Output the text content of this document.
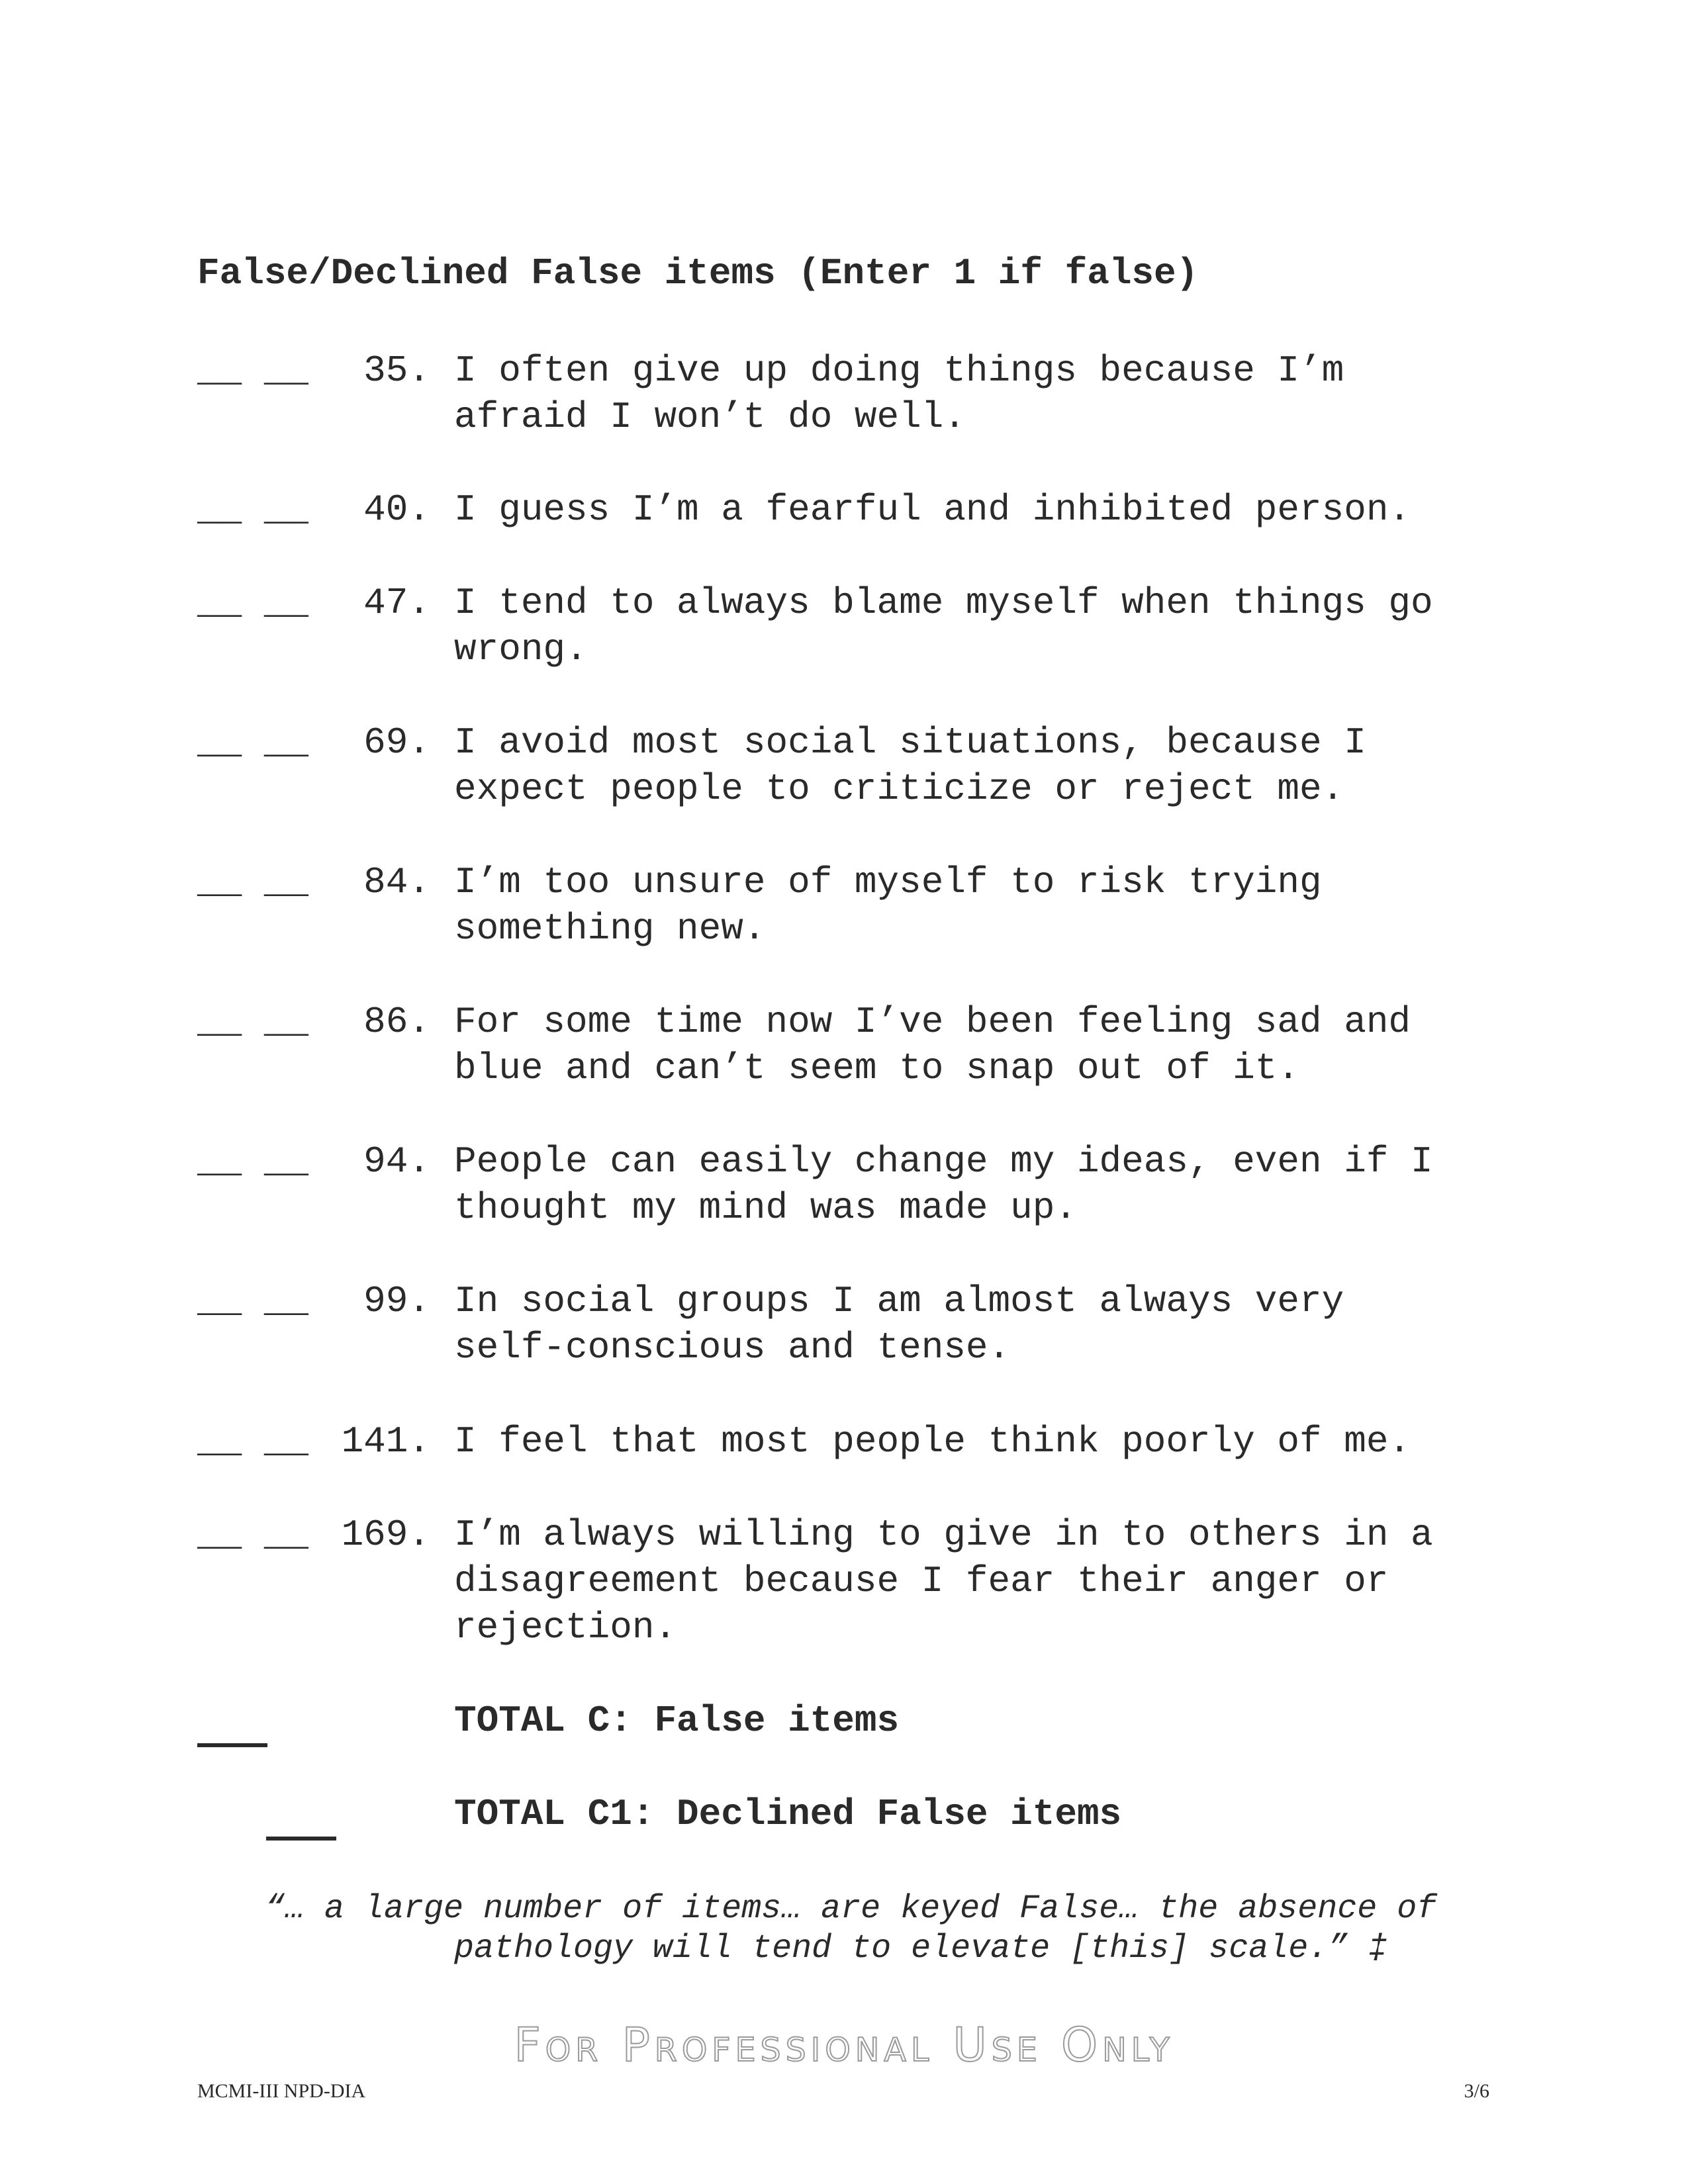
False/Declined False items (Enter 1 if false)
__ __	35. I often give up doing things because I’m
afraid I won’t do well.
__ __	40. I guess I’m a fearful and inhibited person.
__ __	47. I tend to always blame myself when things go
wrong.
__ __	69. I avoid most social situations, because I
expect people to criticize or reject me.
__ __	84. I’m too unsure of myself to risk trying
something new.
__ __	86. For some time now I’ve been feeling sad and
blue and can’t seem to snap out of it.
__ __	94. People can easily change my ideas, even if I
thought my mind was made up.
__ __	99. In social groups I am almost always very
self-conscious and tense.
__ __ 141. I feel that most people think poorly of me.
__ __ 169. I’m always willing to give in to others in a
disagreement because I fear their anger or
rejection.
TOTAL C: False items
TOTAL C1: Declined False items
“… a large number of items… are keyed False… the absence of
pathology will tend to elevate [this] scale.” ‡
For Professional Use Only
MCMI-III NPD-DIA	3/6
